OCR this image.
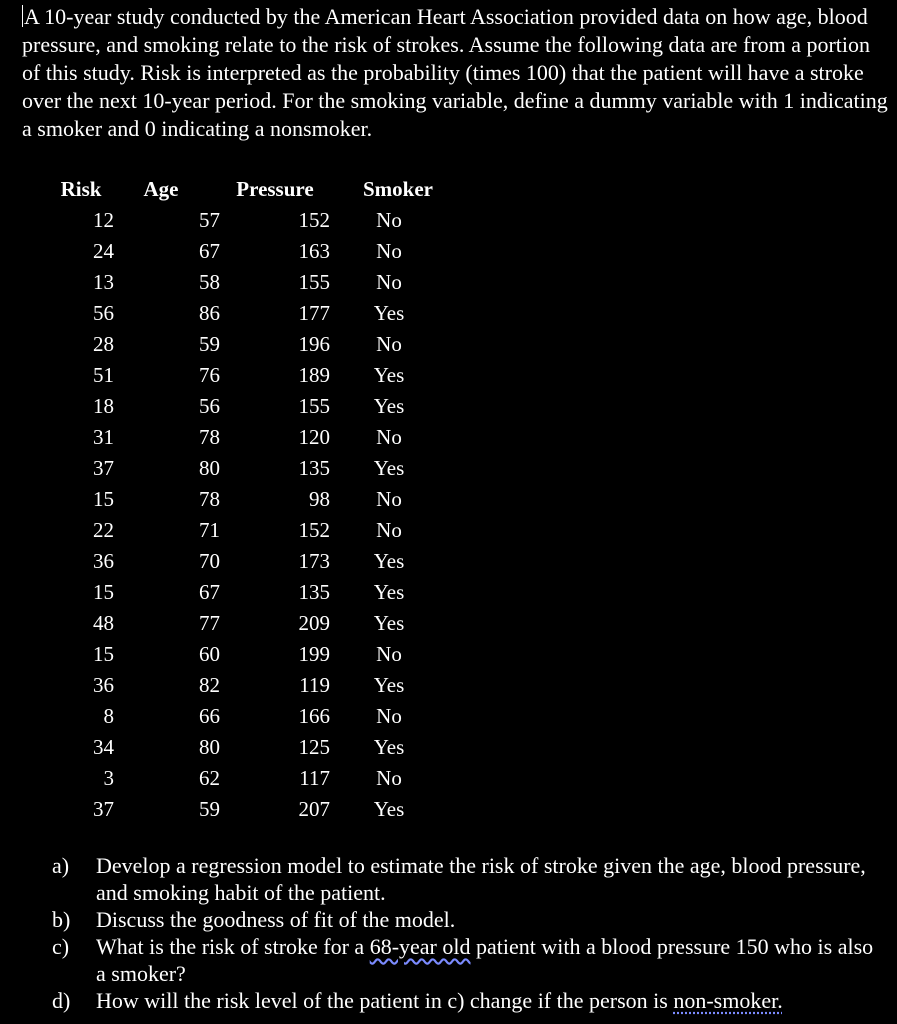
A 10-year study conducted by the American Heart Association provided data on how age, blood pressure, and smoking relate to the risk of strokes. Assume the following data are from a portion of this study. Risk is interpreted as the probability (times 100) that the patient will have a stroke over the next 10-year period. For the smoking variable, define a dummy variable with 1 indicating a smoker and 0 indicating a nonsmoker.

Risk	Age	Pressure	Smoker
12	57	152	No
24	67	163	No
13	58	155	No
56	86	177	Yes
28	59	196	No
51	76	189	Yes
18	56	155	Yes
31	78	120	No
37	80	135	Yes
15	78	98	No
22	71	152	No
36	70	173	Yes
15	67	135	Yes
48	77	209	Yes
15	60	199	No
36	82	119	Yes
8	66	166	No
34	80	125	Yes
3	62	117	No
37	59	207	Yes
a) Develop a regression model to estimate the risk of stroke given the age, blood pressure, and smoking habit of the patient.
b) Discuss the goodness of fit of the model.
c) What is the risk of stroke for a 68-year old patient with a blood pressure 150 who is also a smoker?
d) How will the risk level of the patient in c) change if the person is non-smoker.
